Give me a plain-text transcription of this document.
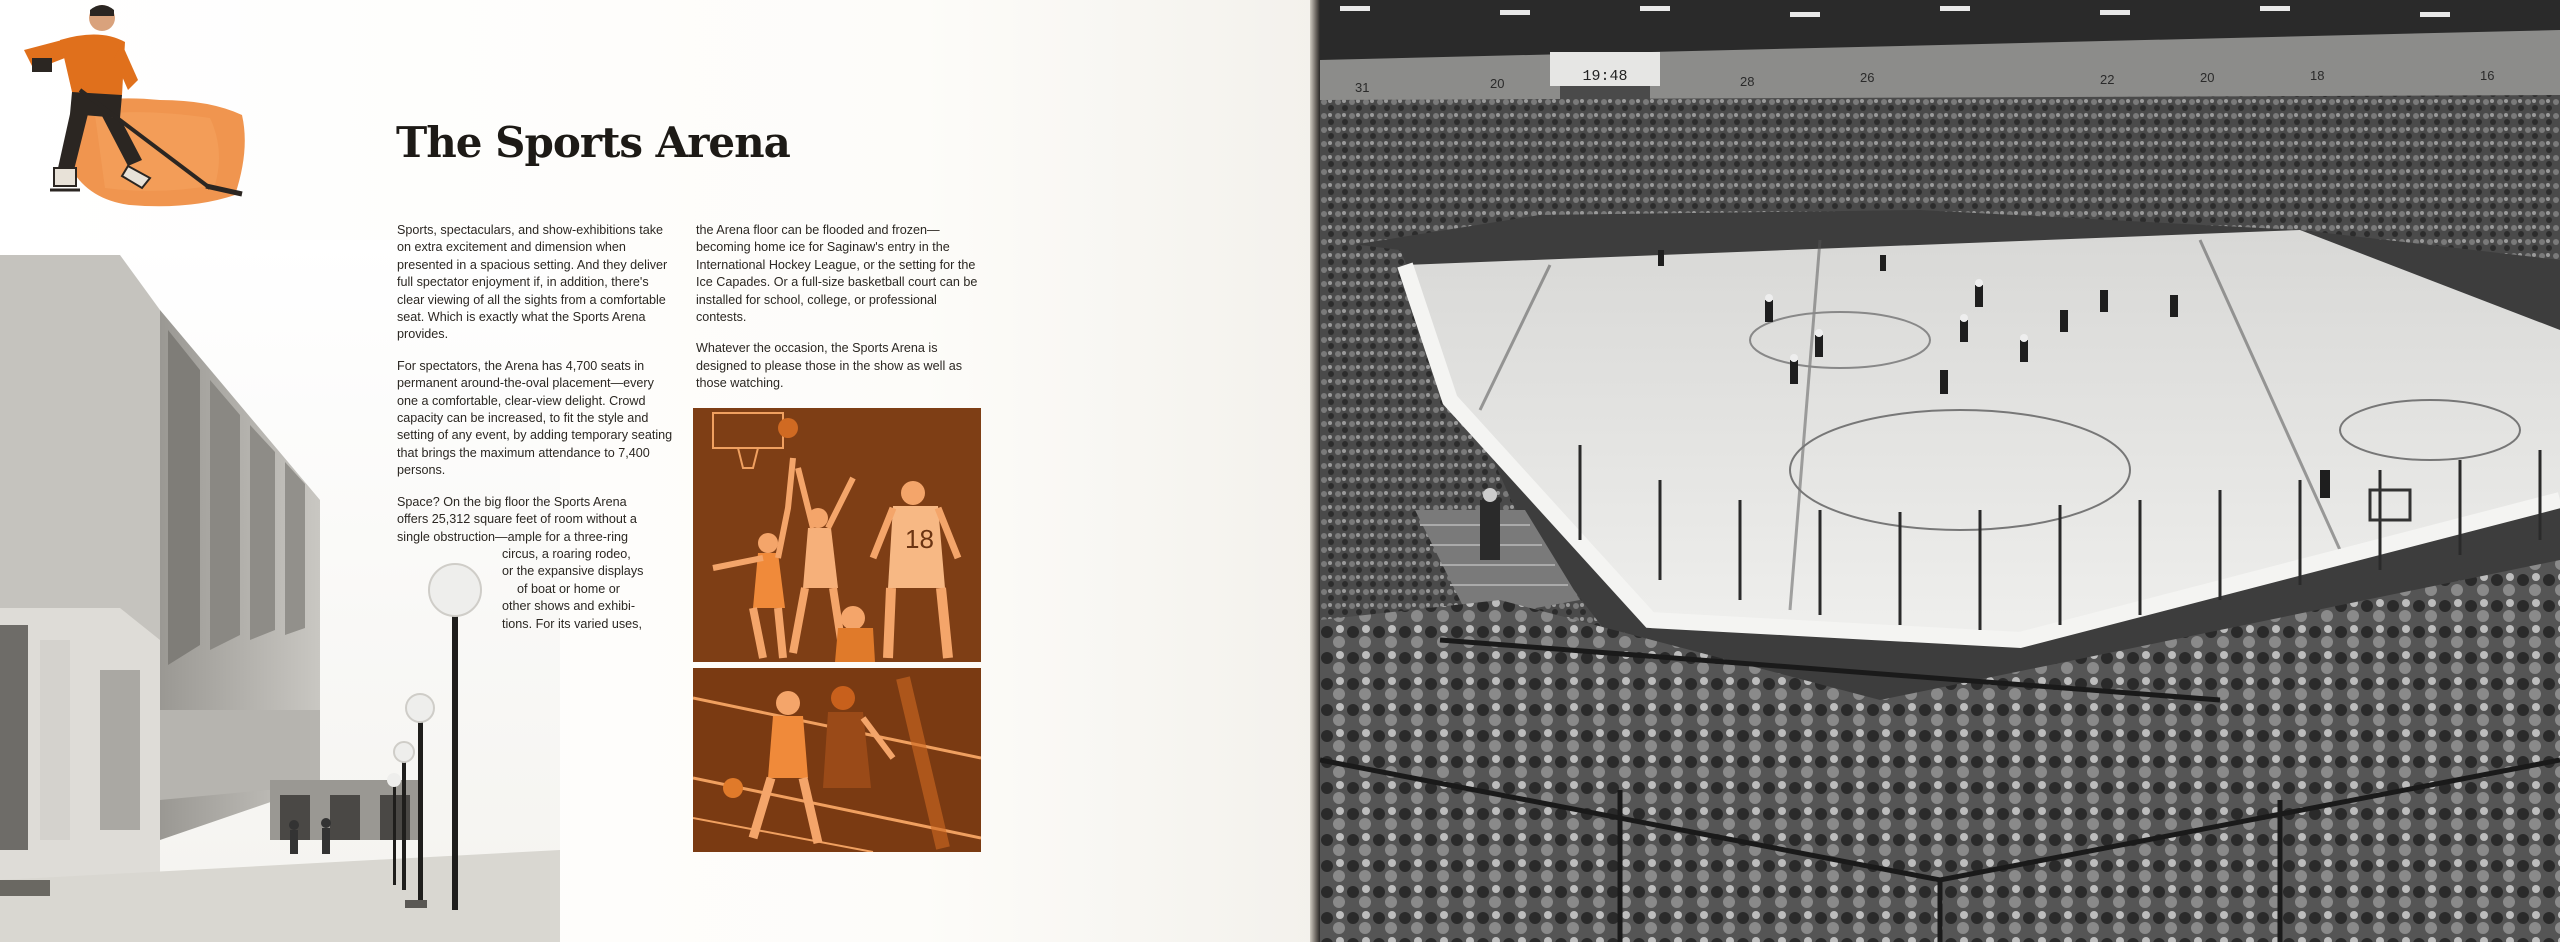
The Sports Arena

Sports, spectaculars, and show-exhibitions take on extra excitement and dimension when presented in a spacious setting. And they deliver full spectator enjoyment if, in addition, there's clear viewing of all the sights from a comfortable seat. Which is exactly what the Sports Arena provides.

For spectators, the Arena has 4,700 seats in permanent around-the-oval placement—every one a comfortable, clear-view delight. Crowd capacity can be increased, to fit the style and setting of any event, by adding temporary seating that brings the maximum attendance to 7,400 persons.

Space? On the big floor the Sports Arena
offers 25,312 square feet of room without a
single obstruction—ample for a three-ring
circus, a roaring rodeo,
or the expansive displays
of boat or home or
other shows and exhibi-
tions. For its varied uses,

the Arena floor can be flooded and frozen—becoming home ice for Saginaw's entry in the International Hockey League, or the setting for the Ice Capades. Or a full-size basketball court can be installed for school, college, or professional contests.

Whatever the occasion, the Sports Arena is designed to please those in the show as well as those watching.

18
19:48
31	20	28	26	22	20	18	16
